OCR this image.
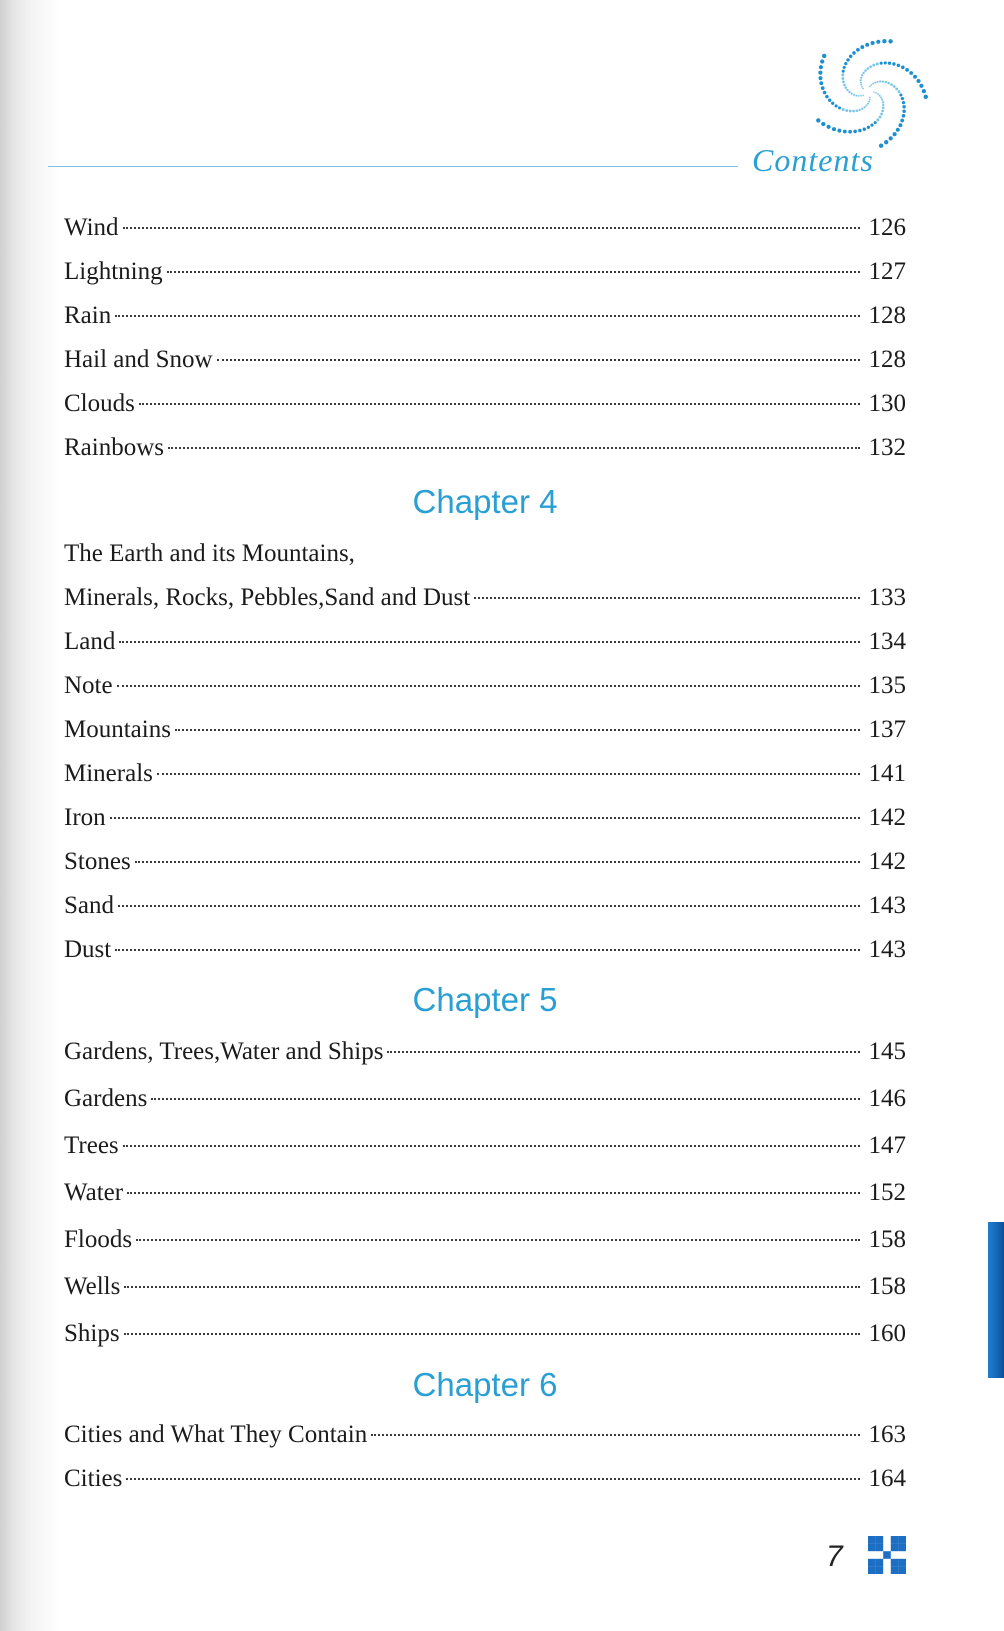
Contents
Wind	126
Lightning	127
Rain	128
Hail and Snow	128
Clouds	130
Rainbows	132
Chapter 4
The Earth and its Mountains,
Minerals, Rocks, Pebbles,Sand and Dust	133
Land	134
Note	135
Mountains	137
Minerals	141
Iron	142
Stones	142
Sand	143
Dust	143
Chapter 5
Gardens, Trees,Water and Ships	145
Gardens	146
Trees	147
Water	152
Floods	158
Wells	158
Ships	160
Chapter 6
Cities and What They Contain	163
Cities	164
7
